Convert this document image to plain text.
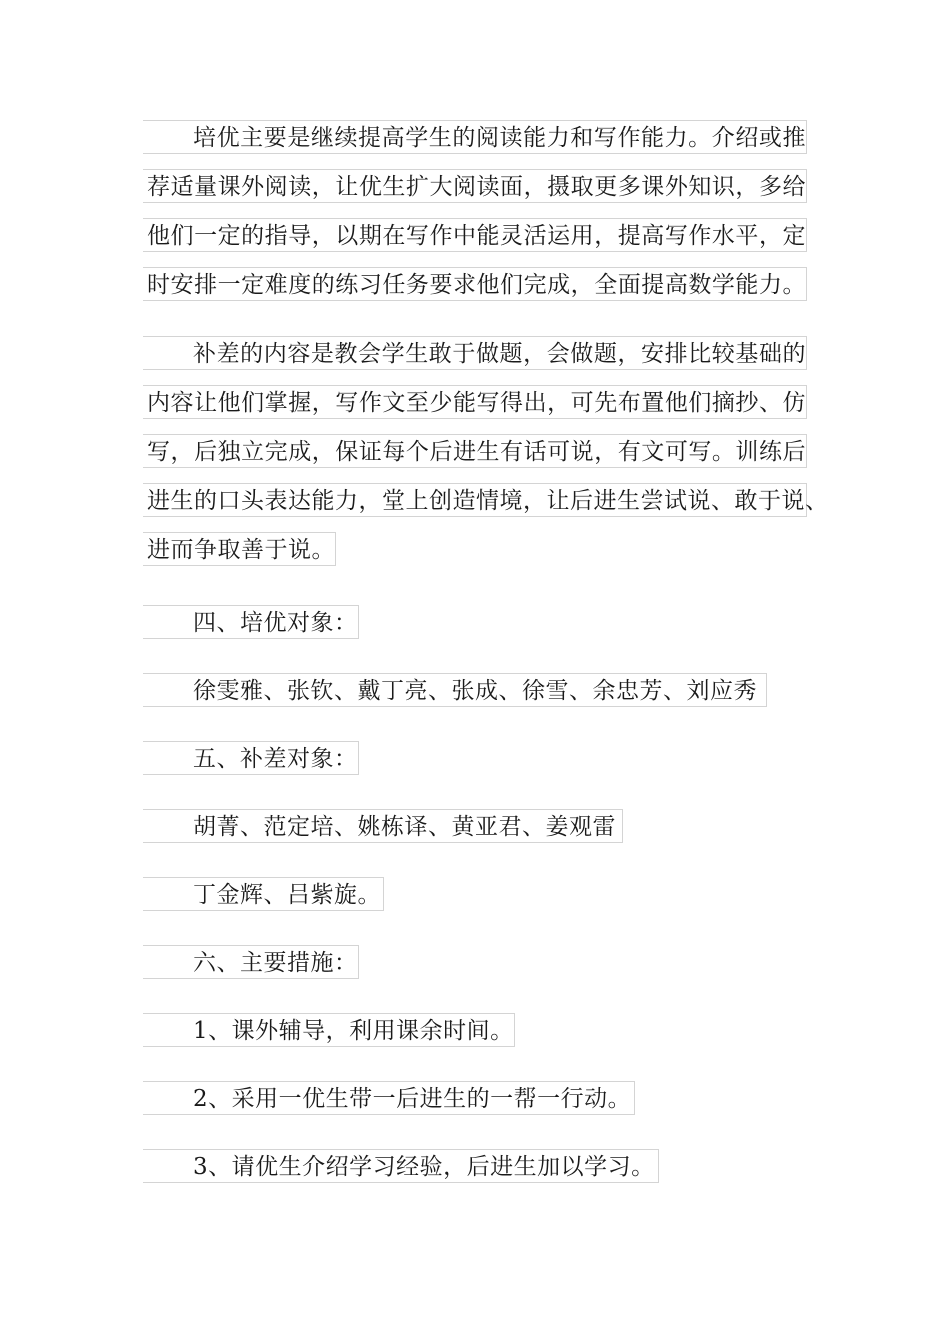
培优主要是继续提高学生的阅读能力和写作能力。介绍或推
荐适量课外阅读，让优生扩大阅读面，摄取更多课外知识，多给
他们一定的指导，以期在写作中能灵活运用，提高写作水平，定
时安排一定难度的练习任务要求他们完成，全面提高数学能力。
补差的内容是教会学生敢于做题，会做题，安排比较基础的
内容让他们掌握，写作文至少能写得出，可先布置他们摘抄、仿
写，后独立完成，保证每个后进生有话可说，有文可写。训练后
进生的口头表达能力，堂上创造情境，让后进生尝试说、敢于说、
进而争取善于说。
四、培优对象：
徐雯雅、张钦、戴丁亮、张成、徐雪、余忠芳、刘应秀
五、补差对象：
胡菁、范定培、姚栋译、黄亚君、姜观雷
丁金辉、吕紫旋。
六、主要措施：
1、课外辅导，利用课余时间。
2、采用一优生带一后进生的一帮一行动。
3、请优生介绍学习经验，后进生加以学习。
